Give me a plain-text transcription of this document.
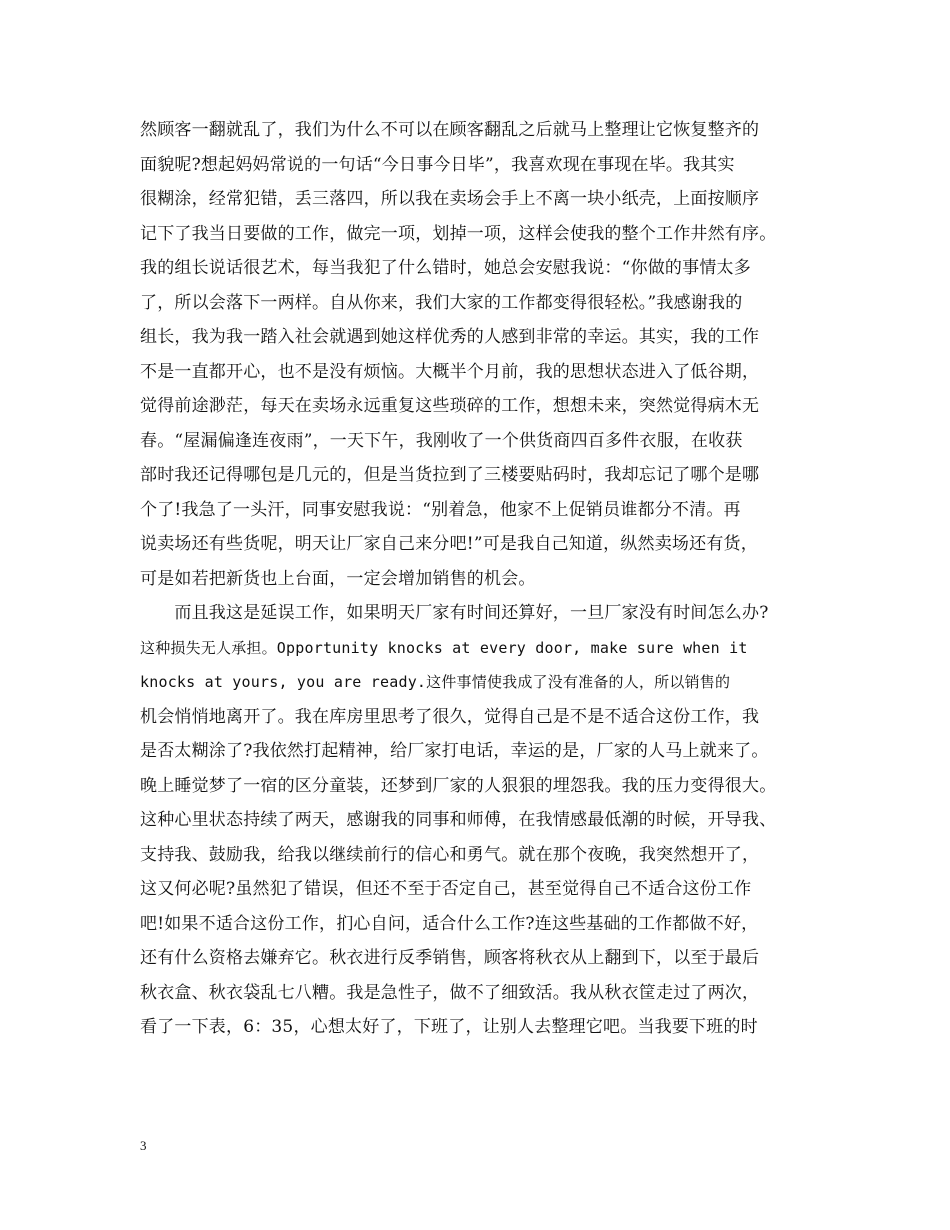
然顾客一翻就乱了，我们为什么不可以在顾客翻乱之后就马上整理让它恢复整齐的
面貌呢?想起妈妈常说的一句话“今日事今日毕”，我喜欢现在事现在毕。我其实
很糊涂，经常犯错，丢三落四，所以我在卖场会手上不离一块小纸壳，上面按顺序
记下了我当日要做的工作，做完一项，划掉一项，这样会使我的整个工作井然有序。
我的组长说话很艺术，每当我犯了什么错时，她总会安慰我说：“你做的事情太多
了，所以会落下一两样。自从你来，我们大家的工作都变得很轻松。”我感谢我的
组长，我为我一踏入社会就遇到她这样优秀的人感到非常的幸运。其实，我的工作
不是一直都开心，也不是没有烦恼。大概半个月前，我的思想状态进入了低谷期，
觉得前途渺茫，每天在卖场永远重复这些琐碎的工作，想想未来，突然觉得病木无
春。“屋漏偏逢连夜雨”，一天下午，我刚收了一个供货商四百多件衣服，在收获
部时我还记得哪包是几元的，但是当货拉到了三楼要贴码时，我却忘记了哪个是哪
个了!我急了一头汗，同事安慰我说：“别着急，他家不上促销员谁都分不清。再
说卖场还有些货呢，明天让厂家自己来分吧!”可是我自己知道，纵然卖场还有货，
可是如若把新货也上台面，一定会增加销售的机会。
　　而且我这是延误工作，如果明天厂家有时间还算好，一旦厂家没有时间怎么办?
这种损失无人承担。Opportunity knocks at every door, make sure when it
knocks at yours, you are ready.这件事情使我成了没有准备的人，所以销售的
机会悄悄地离开了。我在库房里思考了很久，觉得自己是不是不适合这份工作，我
是否太糊涂了?我依然打起精神，给厂家打电话，幸运的是，厂家的人马上就来了。
晚上睡觉梦了一宿的区分童装，还梦到厂家的人狠狠的埋怨我。我的压力变得很大。
这种心里状态持续了两天，感谢我的同事和师傅，在我情感最低潮的时候，开导我、
支持我、鼓励我，给我以继续前行的信心和勇气。就在那个夜晚，我突然想开了，
这又何必呢?虽然犯了错误，但还不至于否定自己，甚至觉得自己不适合这份工作
吧!如果不适合这份工作，扪心自问，适合什么工作?连这些基础的工作都做不好，
还有什么资格去嫌弃它。秋衣进行反季销售，顾客将秋衣从上翻到下，以至于最后
秋衣盒、秋衣袋乱七八糟。我是急性子，做不了细致活。我从秋衣筐走过了两次，
看了一下表，6：35，心想太好了，下班了，让别人去整理它吧。当我要下班的时
3
